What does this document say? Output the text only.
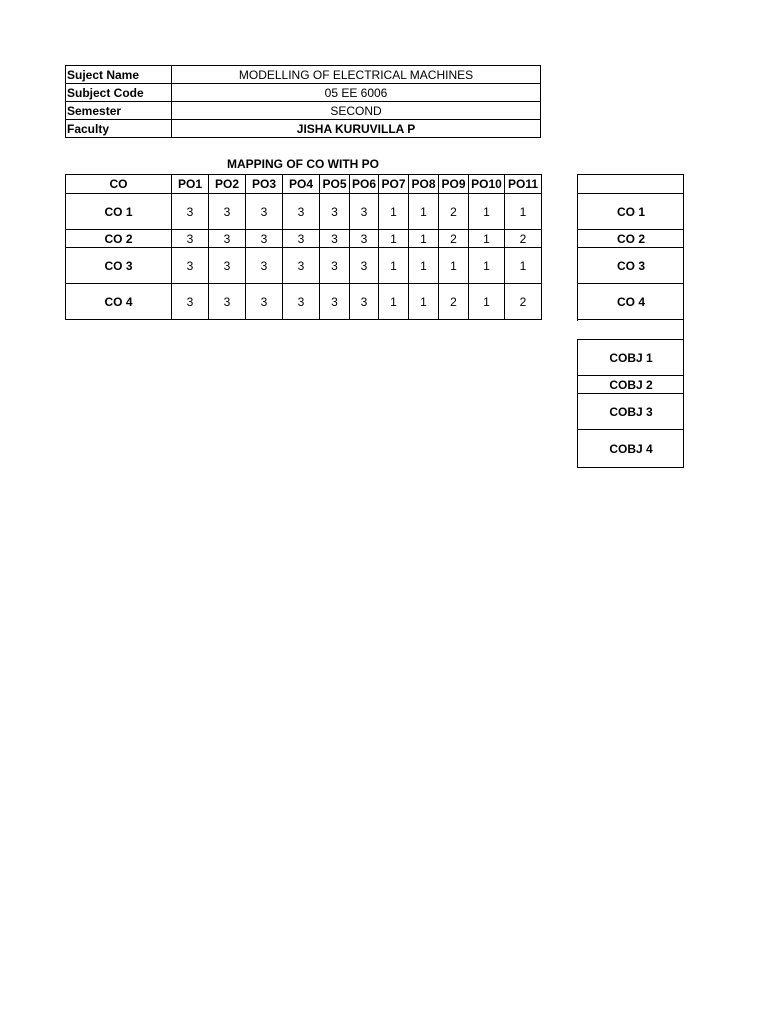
Suject Name	MODELLING OF ELECTRICAL MACHINES
Subject Code	05 EE 6006
Semester	SECOND
Faculty	JISHA KURUVILLA P
MAPPING OF CO WITH PO
CO	PO1	PO2	PO3	PO4	PO5	PO6	PO7	PO8	PO9	PO10	PO11
CO 1	3	3	3	3	3	3	1	1	2	1	1
CO 2	3	3	3	3	3	3	1	1	2	1	2
CO 3	3	3	3	3	3	3	1	1	1	1	1
CO 4	3	3	3	3	3	3	1	1	2	1	2
CO 1
CO 2
CO 3
CO 4
COBJ 1
COBJ 2
COBJ 3
COBJ 4
